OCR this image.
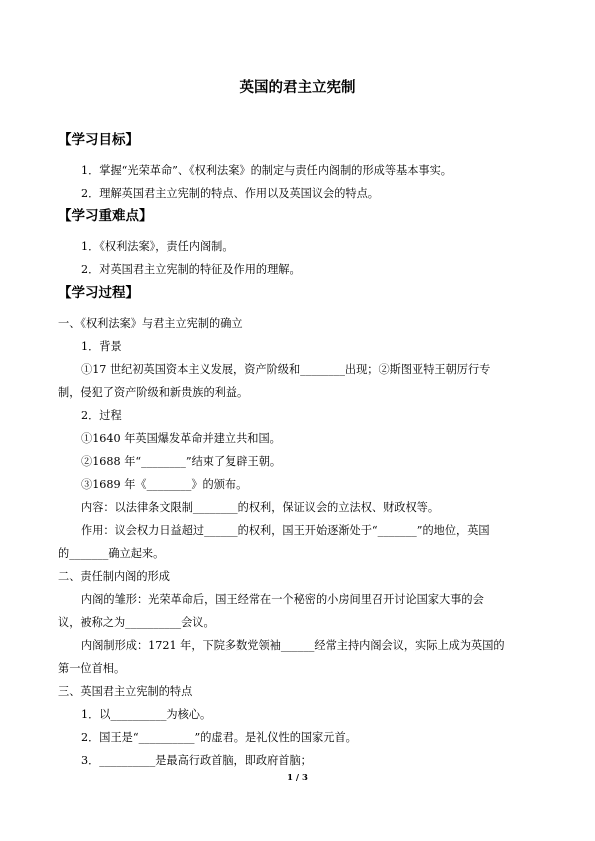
英国的君主立宪制
【学习目标】

1．掌握“光荣革命”、《权利法案》的制定与责任内阁制的形成等基本事实。

2．理解英国君主立宪制的特点、作用以及英国议会的特点。

【学习重难点】

1．《权利法案》，责任内阁制。

2．对英国君主立宪制的特征及作用的理解。

【学习过程】

一、《权利法案》与君主立宪制的确立

1．背景

①17 世纪初英国资本主义发展，资产阶级和________出现；②斯图亚特王朝厉行专

制，侵犯了资产阶级和新贵族的利益。

2．过程

①1640 年英国爆发革命并建立共和国。

②1688 年“________”结束了复辟王朝。

③1689 年《________》的颁布。

内容：以法律条文限制________的权利，保证议会的立法权、财政权等。

作用：议会权力日益超过______的权利，国王开始逐渐处于“_______”的地位，英国

的_______确立起来。

二、责任制内阁的形成

内阁的雏形：光荣革命后，国王经常在一个秘密的小房间里召开讨论国家大事的会

议，被称之为__________会议。

内阁制形成：1721 年，下院多数党领袖______经常主持内阁会议，实际上成为英国的

第一位首相。

三、英国君主立宪制的特点

1．以__________为核心。

2．国王是“__________”的虚君。是礼仪性的国家元首。

3．__________是最高行政首脑，即政府首脑；

1 / 3
